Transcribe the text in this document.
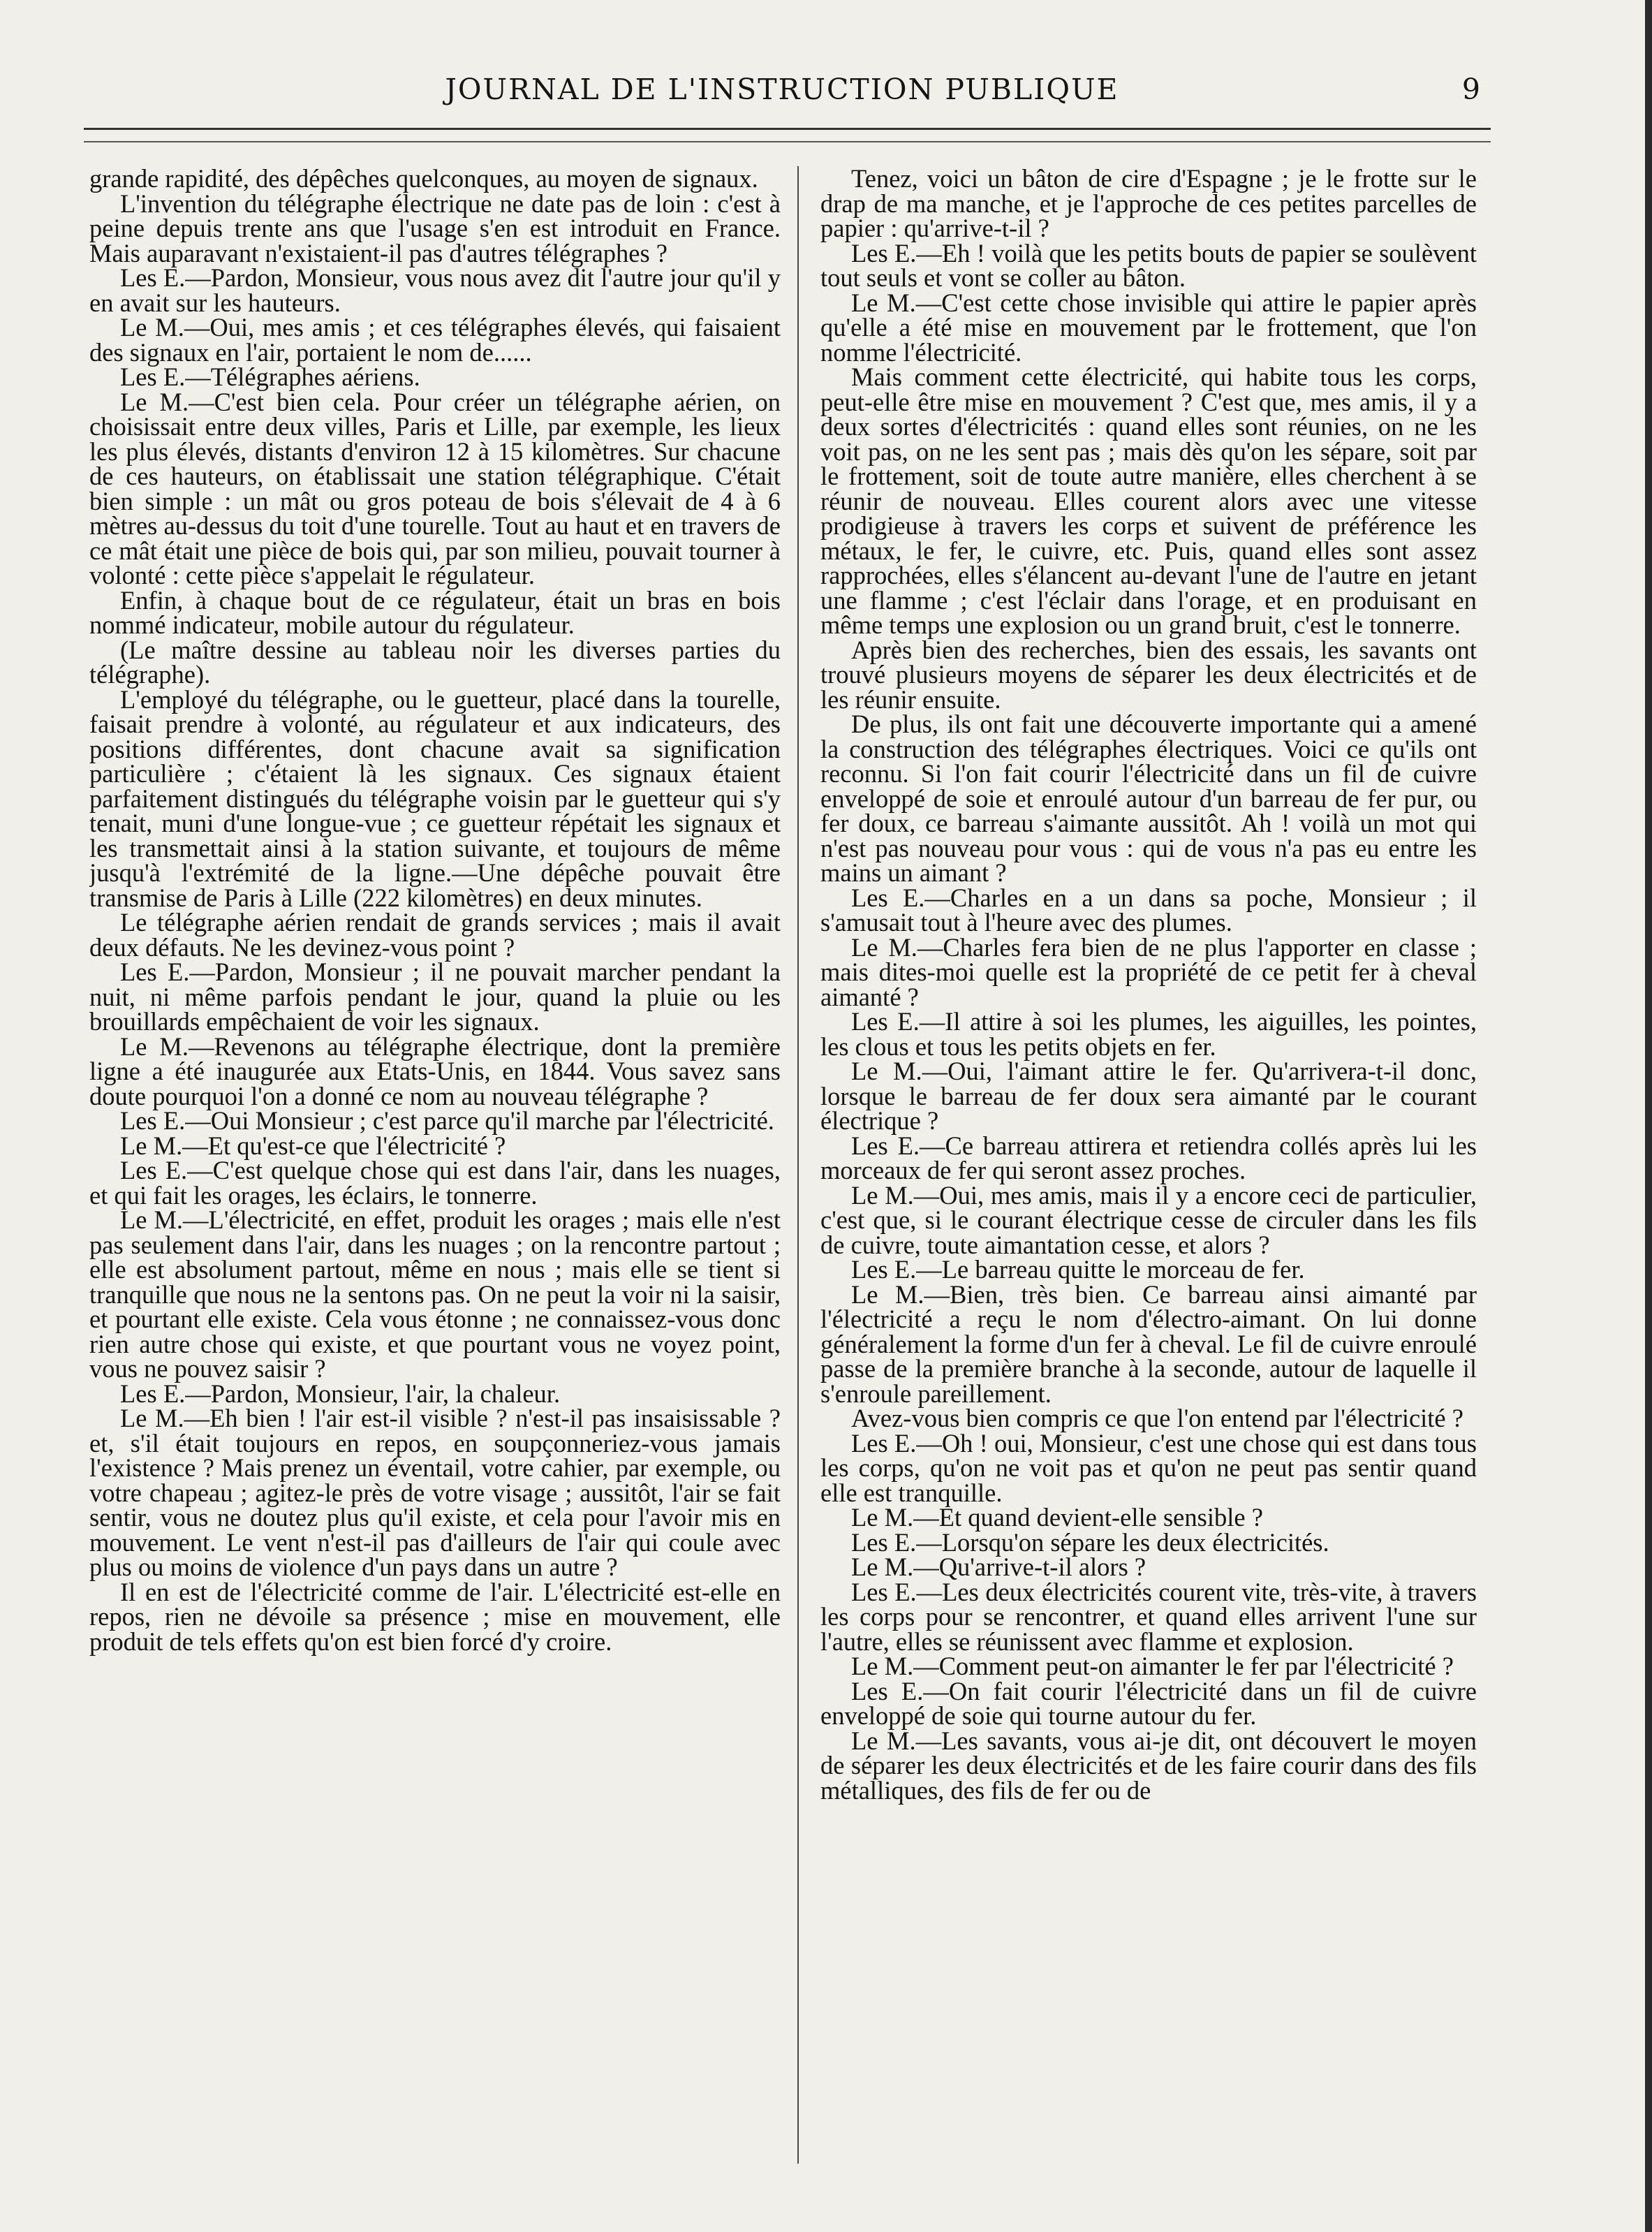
JOURNAL DE L'INSTRUCTION PUBLIQUE	9

grande rapidité, des dépêches quelconques, au moyen de signaux.

L'invention du télégraphe électrique ne date pas de loin : c'est à peine depuis trente ans que l'usage s'en est introduit en France. Mais auparavant n'existaient-il pas d'autres télégraphes ?

Les E.—Pardon, Monsieur, vous nous avez dit l'autre jour qu'il y en avait sur les hauteurs.

Le M.—Oui, mes amis ; et ces télégraphes élevés, qui faisaient des signaux en l'air, portaient le nom de......

Les E.—Télégraphes aériens.

Le M.—C'est bien cela. Pour créer un télégraphe aérien, on choisissait entre deux villes, Paris et Lille, par exemple, les lieux les plus élevés, distants d'environ 12 à 15 kilomètres. Sur chacune de ces hauteurs, on établissait une station télégraphique. C'était bien simple : un mât ou gros poteau de bois s'élevait de 4 à 6 mètres au-dessus du toit d'une tourelle. Tout au haut et en travers de ce mât était une pièce de bois qui, par son milieu, pouvait tourner à volonté : cette pièce s'appelait le régulateur.

Enfin, à chaque bout de ce régulateur, était un bras en bois nommé indicateur, mobile autour du régulateur.

(Le maître dessine au tableau noir les diverses parties du télégraphe).

L'employé du télégraphe, ou le guetteur, placé dans la tourelle, faisait prendre à volonté, au régulateur et aux indicateurs, des positions différentes, dont chacune avait sa signification particulière ; c'étaient là les signaux. Ces signaux étaient parfaitement distingués du télégraphe voisin par le guetteur qui s'y tenait, muni d'une longue-vue ; ce guetteur répétait les signaux et les transmettait ainsi à la station suivante, et toujours de même jusqu'à l'extrémité de la ligne.—Une dépêche pouvait être transmise de Paris à Lille (222 kilomètres) en deux minutes.

Le télégraphe aérien rendait de grands services ; mais il avait deux défauts. Ne les devinez-vous point ?

Les E.—Pardon, Monsieur ; il ne pouvait marcher pendant la nuit, ni même parfois pendant le jour, quand la pluie ou les brouillards empêchaient de voir les signaux.

Le M.—Revenons au télégraphe électrique, dont la première ligne a été inaugurée aux Etats-Unis, en 1844. Vous savez sans doute pourquoi l'on a donné ce nom au nouveau télégraphe ?

Les E.—Oui Monsieur ; c'est parce qu'il marche par l'électricité.

Le M.—Et qu'est-ce que l'électricité ?

Les E.—C'est quelque chose qui est dans l'air, dans les nuages, et qui fait les orages, les éclairs, le tonnerre.

Le M.—L'électricité, en effet, produit les orages ; mais elle n'est pas seulement dans l'air, dans les nuages ; on la rencontre partout ; elle est absolument partout, même en nous ; mais elle se tient si tranquille que nous ne la sentons pas. On ne peut la voir ni la saisir, et pourtant elle existe. Cela vous étonne ; ne connaissez-vous donc rien autre chose qui existe, et que pourtant vous ne voyez point, vous ne pouvez saisir ?

Les E.—Pardon, Monsieur, l'air, la chaleur.

Le M.—Eh bien ! l'air est-il visible ? n'est-il pas insaisissable ? et, s'il était toujours en repos, en soupçonneriez-vous jamais l'existence ? Mais prenez un éventail, votre cahier, par exemple, ou votre chapeau ; agitez-le près de votre visage ; aussitôt, l'air se fait sentir, vous ne doutez plus qu'il existe, et cela pour l'avoir mis en mouvement. Le vent n'est-il pas d'ailleurs de l'air qui coule avec plus ou moins de violence d'un pays dans un autre ?

Il en est de l'électricité comme de l'air. L'électricité est-elle en repos, rien ne dévoile sa présence ; mise en mouvement, elle produit de tels effets qu'on est bien forcé d'y croire.

Tenez, voici un bâton de cire d'Espagne ; je le frotte sur le drap de ma manche, et je l'approche de ces petites parcelles de papier : qu'arrive-t-il ?

Les E.—Eh ! voilà que les petits bouts de papier se soulèvent tout seuls et vont se coller au bâton.

Le M.—C'est cette chose invisible qui attire le papier après qu'elle a été mise en mouvement par le frottement, que l'on nomme l'électricité.

Mais comment cette électricité, qui habite tous les corps, peut-elle être mise en mouvement ? C'est que, mes amis, il y a deux sortes d'électricités : quand elles sont réunies, on ne les voit pas, on ne les sent pas ; mais dès qu'on les sépare, soit par le frottement, soit de toute autre manière, elles cherchent à se réunir de nouveau. Elles courent alors avec une vitesse prodigieuse à travers les corps et suivent de préférence les métaux, le fer, le cuivre, etc. Puis, quand elles sont assez rapprochées, elles s'élancent au-devant l'une de l'autre en jetant une flamme ; c'est l'éclair dans l'orage, et en produisant en même temps une explosion ou un grand bruit, c'est le tonnerre.

Après bien des recherches, bien des essais, les savants ont trouvé plusieurs moyens de séparer les deux électricités et de les réunir ensuite.

De plus, ils ont fait une découverte importante qui a amené la construction des télégraphes électriques. Voici ce qu'ils ont reconnu. Si l'on fait courir l'électricité dans un fil de cuivre enveloppé de soie et enroulé autour d'un barreau de fer pur, ou fer doux, ce barreau s'aimante aussitôt. Ah ! voilà un mot qui n'est pas nouveau pour vous : qui de vous n'a pas eu entre les mains un aimant ?

Les E.—Charles en a un dans sa poche, Monsieur ; il s'amusait tout à l'heure avec des plumes.

Le M.—Charles fera bien de ne plus l'apporter en classe ; mais dites-moi quelle est la propriété de ce petit fer à cheval aimanté ?

Les E.—Il attire à soi les plumes, les aiguilles, les pointes, les clous et tous les petits objets en fer.

Le M.—Oui, l'aimant attire le fer. Qu'arrivera-t-il donc, lorsque le barreau de fer doux sera aimanté par le courant électrique ?

Les E.—Ce barreau attirera et retiendra collés après lui les morceaux de fer qui seront assez proches.

Le M.—Oui, mes amis, mais il y a encore ceci de particulier, c'est que, si le courant électrique cesse de circuler dans les fils de cuivre, toute aimantation cesse, et alors ?

Les E.—Le barreau quitte le morceau de fer.

Le M.—Bien, très bien. Ce barreau ainsi aimanté par l'électricité a reçu le nom d'électro-aimant. On lui donne généralement la forme d'un fer à cheval. Le fil de cuivre enroulé passe de la première branche à la seconde, autour de laquelle il s'enroule pareillement.

Avez-vous bien compris ce que l'on entend par l'électricité ?

Les E.—Oh ! oui, Monsieur, c'est une chose qui est dans tous les corps, qu'on ne voit pas et qu'on ne peut pas sentir quand elle est tranquille.

Le M.—Et quand devient-elle sensible ?

Les E.—Lorsqu'on sépare les deux électricités.

Le M.—Qu'arrive-t-il alors ?

Les E.—Les deux électricités courent vite, très-vite, à travers les corps pour se rencontrer, et quand elles arrivent l'une sur l'autre, elles se réunissent avec flamme et explosion.

Le M.—Comment peut-on aimanter le fer par l'électricité ?

Les E.—On fait courir l'électricité dans un fil de cuivre enveloppé de soie qui tourne autour du fer.

Le M.—Les savants, vous ai-je dit, ont découvert le moyen de séparer les deux électricités et de les faire courir dans des fils métalliques, des fils de fer ou de
